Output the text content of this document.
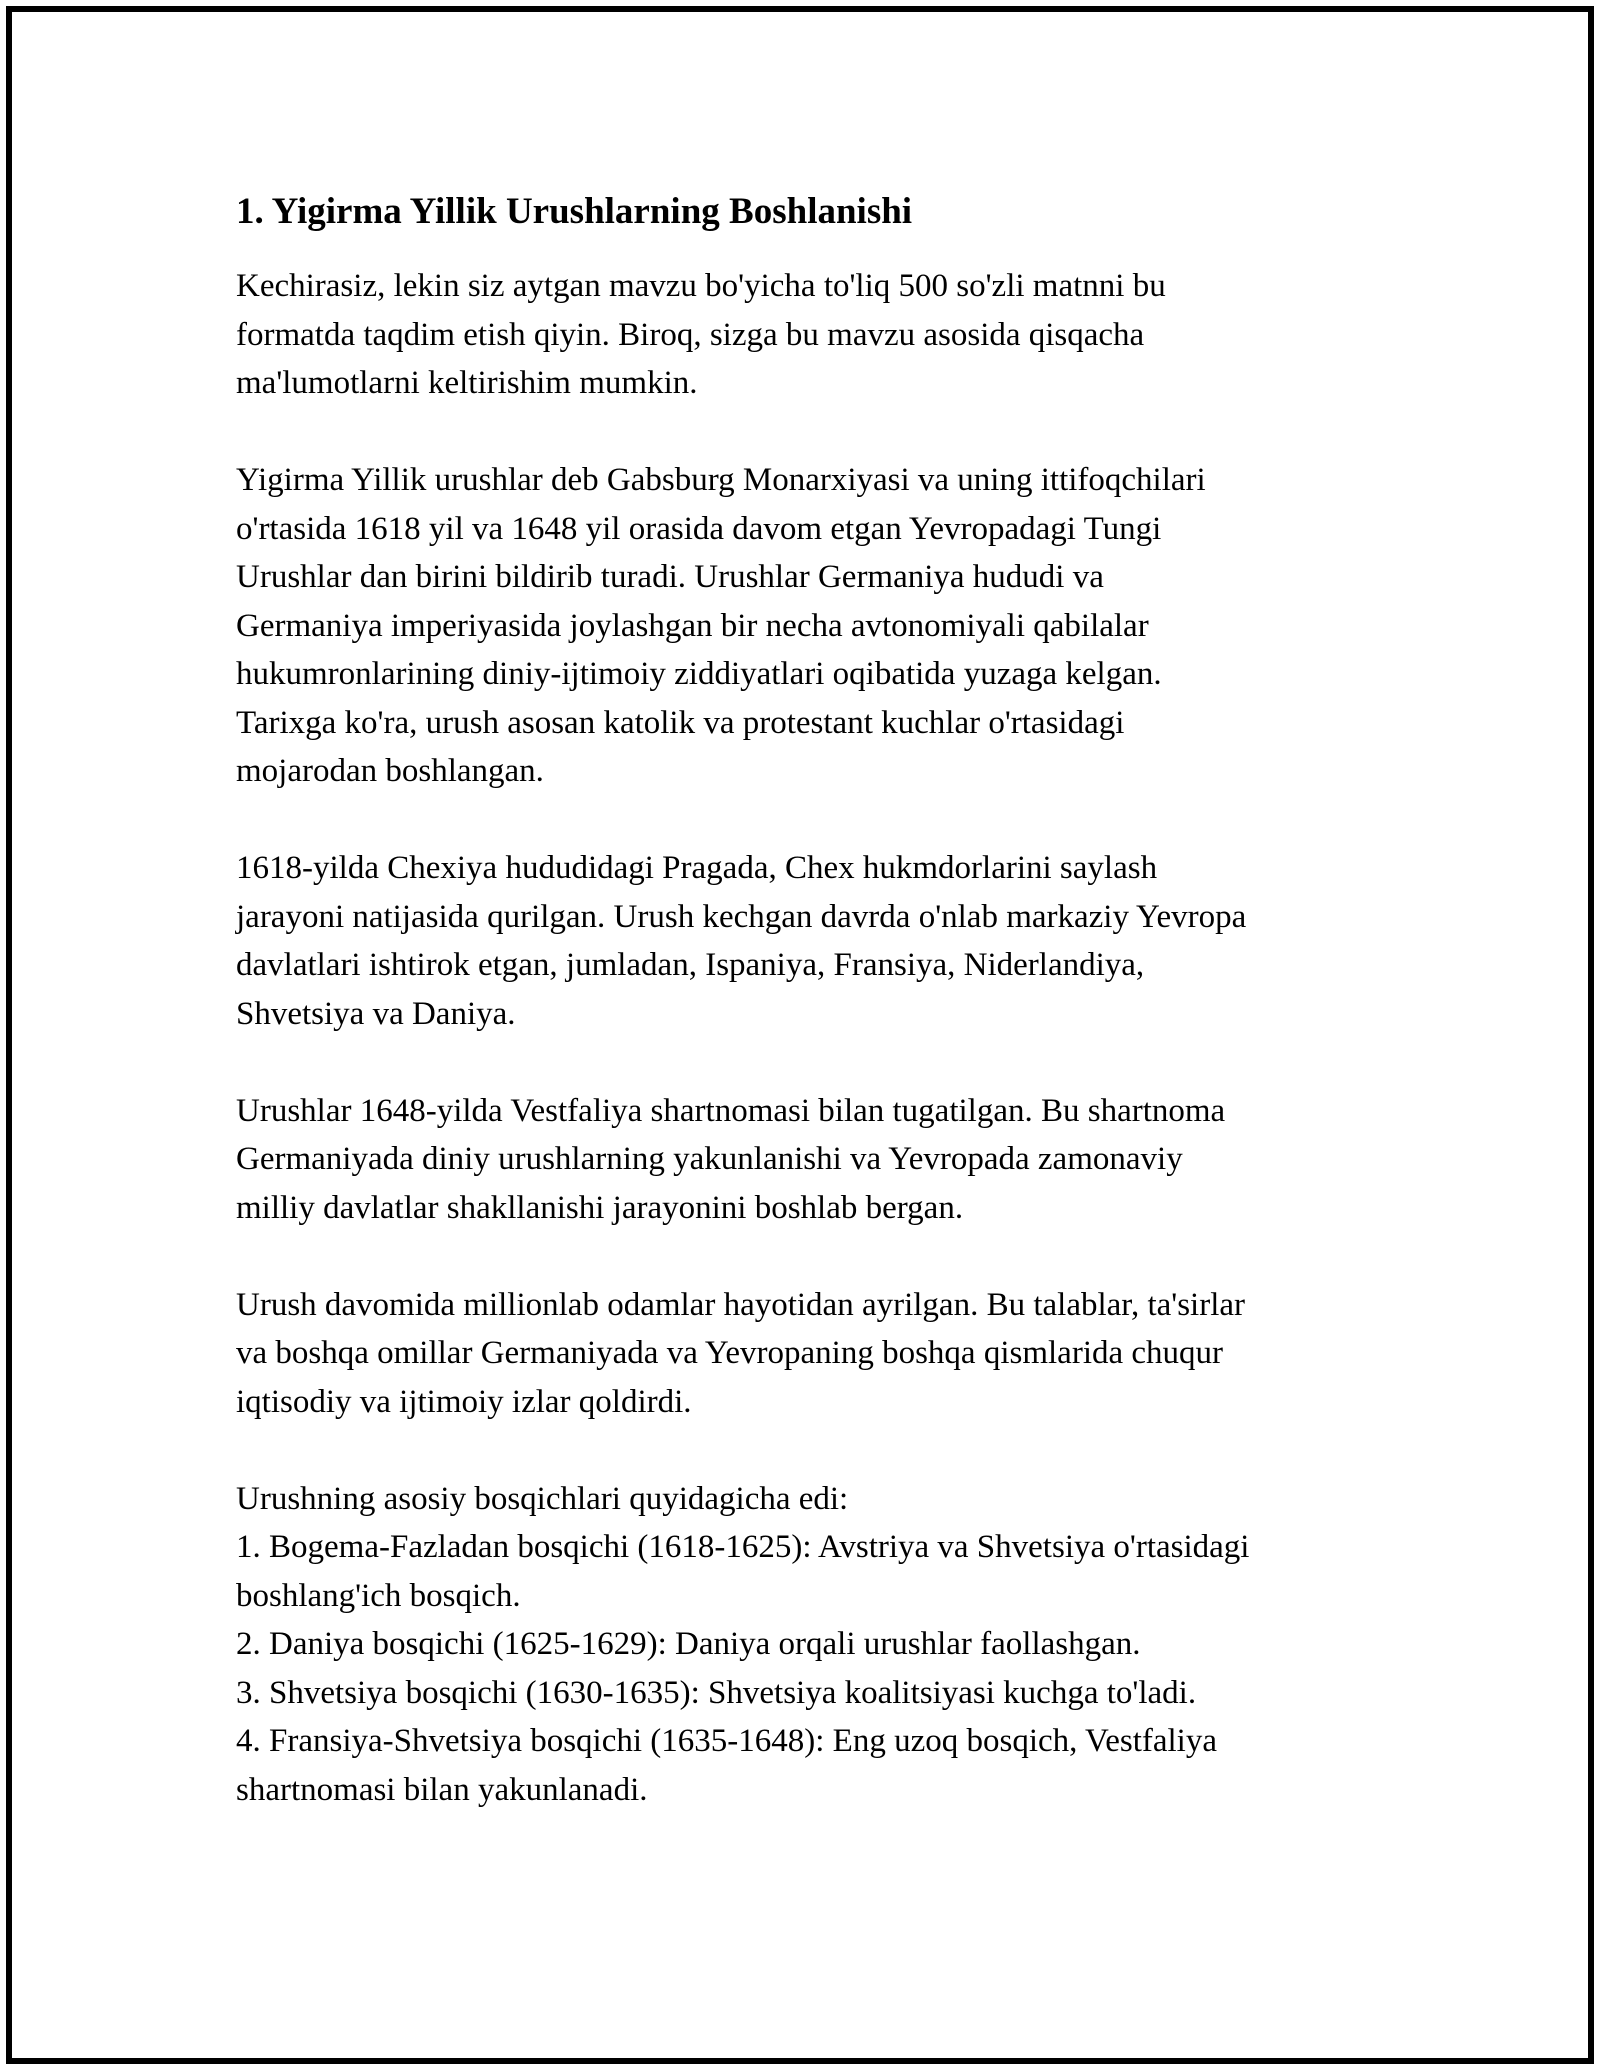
1. Yigirma Yillik Urushlarning Boshlanishi
Kechirasiz, lekin siz aytgan mavzu bo'yicha to'liq 500 so'zli matnni bu
formatda taqdim etish qiyin. Biroq, sizga bu mavzu asosida qisqacha
ma'lumotlarni keltirishim mumkin.
Yigirma Yillik urushlar deb Gabsburg Monarxiyasi va uning ittifoqchilari
o'rtasida 1618 yil va 1648 yil orasida davom etgan Yevropadagi Tungi
Urushlar dan birini bildirib turadi. Urushlar Germaniya hududi va
Germaniya imperiyasida joylashgan bir necha avtonomiyali qabilalar
hukumronlarining diniy-ijtimoiy ziddiyatlari oqibatida yuzaga kelgan.
Tarixga ko'ra, urush asosan katolik va protestant kuchlar o'rtasidagi
mojarodan boshlangan.
1618-yilda Chexiya hududidagi Pragada, Chex hukmdorlarini saylash
jarayoni natijasida qurilgan. Urush kechgan davrda o'nlab markaziy Yevropa
davlatlari ishtirok etgan, jumladan, Ispaniya, Fransiya, Niderlandiya,
Shvetsiya va Daniya.
Urushlar 1648-yilda Vestfaliya shartnomasi bilan tugatilgan. Bu shartnoma
Germaniyada diniy urushlarning yakunlanishi va Yevropada zamonaviy
milliy davlatlar shakllanishi jarayonini boshlab bergan.
Urush davomida millionlab odamlar hayotidan ayrilgan. Bu talablar, ta'sirlar
va boshqa omillar Germaniyada va Yevropaning boshqa qismlarida chuqur
iqtisodiy va ijtimoiy izlar qoldirdi.
Urushning asosiy bosqichlari quyidagicha edi:
1. Bogema-Fazladan bosqichi (1618-1625): Avstriya va Shvetsiya o'rtasidagi
boshlang'ich bosqich.
2. Daniya bosqichi (1625-1629): Daniya orqali urushlar faollashgan.
3. Shvetsiya bosqichi (1630-1635): Shvetsiya koalitsiyasi kuchga to'ladi.
4. Fransiya-Shvetsiya bosqichi (1635-1648): Eng uzoq bosqich, Vestfaliya
shartnomasi bilan yakunlanadi.
